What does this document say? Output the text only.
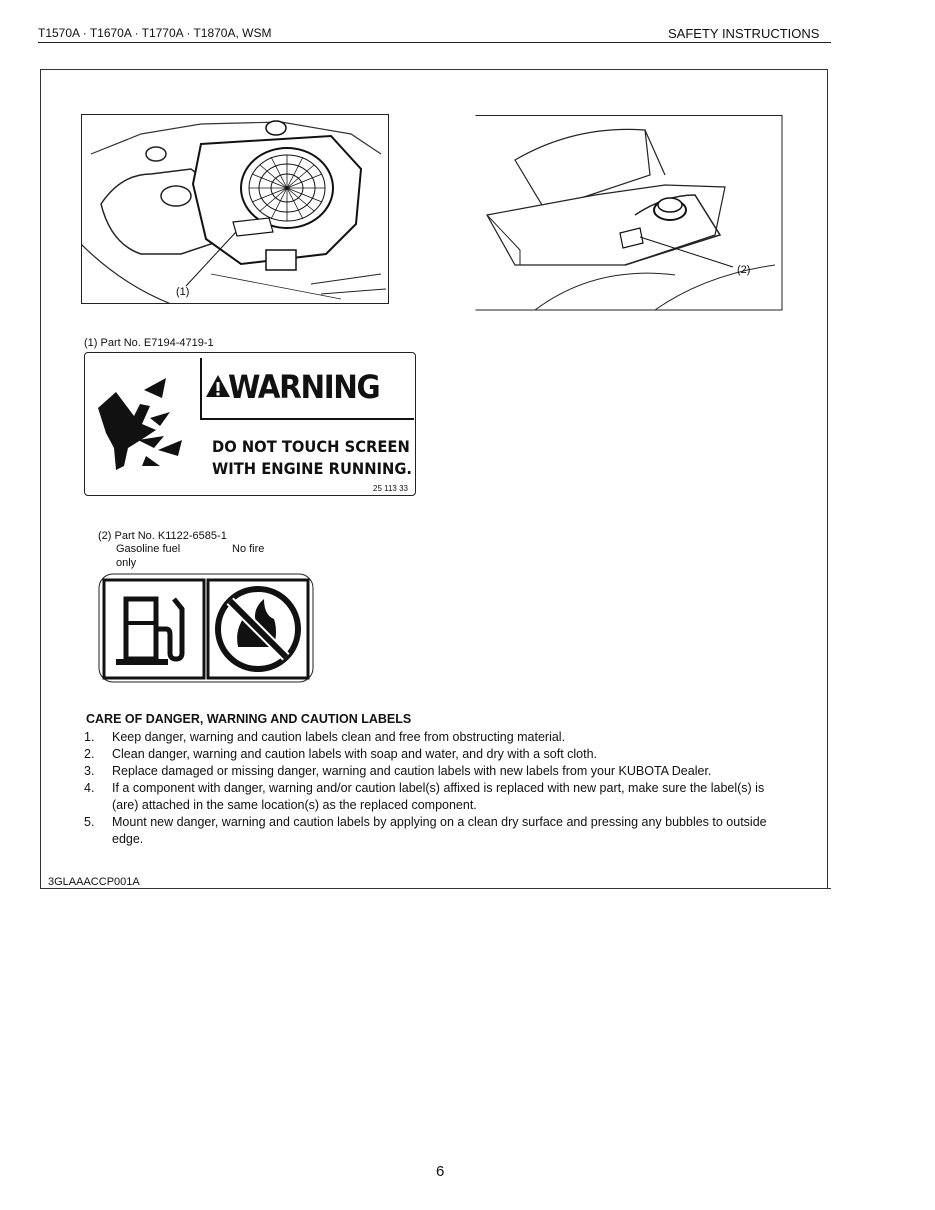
T1570A · T1670A · T1770A · T1870A, WSM	SAFETY INSTRUCTIONS
(1)
(2)
(1) Part No. E7194-4719-1
WARNING
DO NOT TOUCH SCREEN
WITH ENGINE RUNNING.
25 113 33
(2) Part No. K1122-6585-1
Gasoline fuel	No fire
only
CARE OF DANGER, WARNING AND CAUTION LABELS
1. Keep danger, warning and caution labels clean and free from obstructing material.
2. Clean danger, warning and caution labels with soap and water, and dry with a soft cloth.
3. Replace damaged or missing danger, warning and caution labels with new labels from your KUBOTA Dealer.
4. If a component with danger, warning and/or caution label(s) affixed is replaced with new part, make sure the label(s) is (are) attached in the same location(s) as the replaced component.
5. Mount new danger, warning and caution labels by applying on a clean dry surface and pressing any bubbles to outside edge.
3GLAAACCP001A
6
